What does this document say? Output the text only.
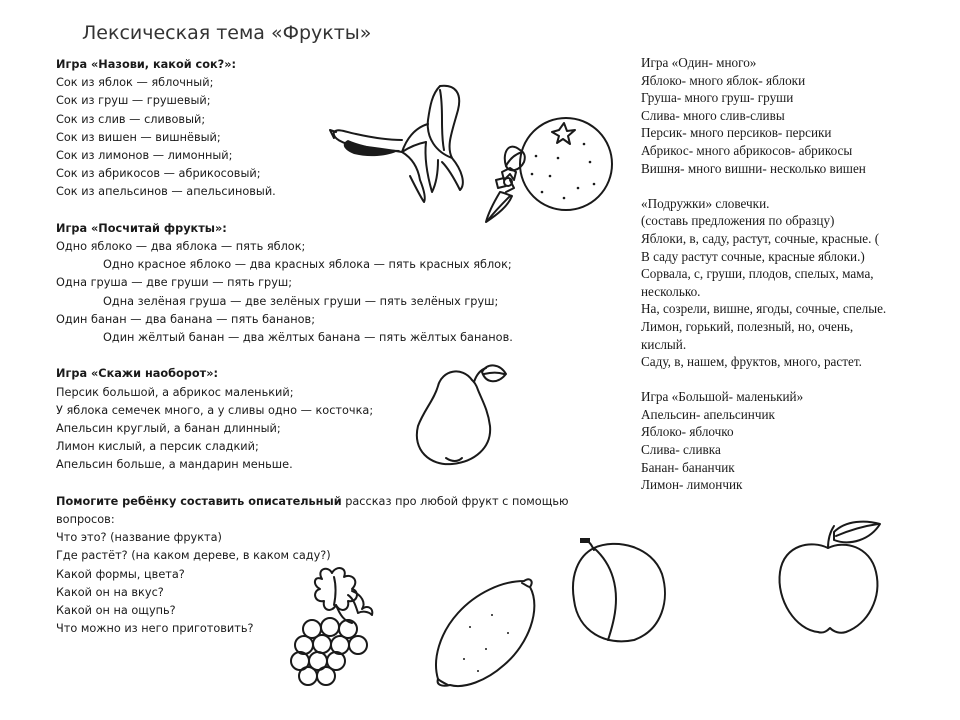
Лексическая тема «Фрукты»
Игра «Назови, какой сок?»:
Сок из яблок — яблочный;
Сок из груш — грушевый;
Сок из слив — сливовый;
Сок из вишен — вишнёвый;
Сок из лимонов — лимонный;
Сок из абрикосов — абрикосовый;
Сок из апельсинов — апельсиновый.
Игра «Посчитай фрукты»:
Одно яблоко — два яблока — пять яблок;
Одно красное яблоко — два красных яблока — пять красных яблок;
Одна груша — две груши — пять груш;
Одна зелёная груша — две зелёных груши — пять зелёных груш;
Один банан — два банана — пять бананов;
Один жёлтый банан — два жёлтых банана — пять жёлтых бананов.
Игра «Скажи наоборот»:
Персик большой, а абрикос маленький;
У яблока семечек много, а у сливы одно — косточка;
Апельсин круглый, а банан длинный;
Лимон кислый, а персик сладкий;
Апельсин больше, а мандарин меньше.
Помогите ребёнку составить описательный рассказ про любой фрукт с помощью вопросов:
Что это? (название фрукта)
Где растёт? (на каком дереве, в каком саду?)
Какой формы, цвета?
Какой он на вкус?
Какой он на ощупь?
Что можно из него приготовить?
Игра «Один- много»
Яблоко- много яблок- яблоки
Груша- много груш- груши
Слива- много слив-сливы
Персик- много персиков- персики
Абрикос- много абрикосов- абрикосы
Вишня- много вишни- несколько вишен
«Подружки» словечки.
(составь предложения по образцу)
Яблоки, в, саду, растут, сочные, красные. (
В саду растут сочные, красные яблоки.)
Сорвала, с, груши, плодов, спелых, мама,
несколько.
На, созрели, вишне, ягоды, сочные, спелые.
Лимон, горький, полезный, но, очень,
кислый.
Саду, в, нашем, фруктов, много, растет.
Игра «Большой- маленький»
Апельсин- апельсинчик
Яблоко- яблочко
Слива- сливка
Банан- бананчик
Лимон- лимончик
